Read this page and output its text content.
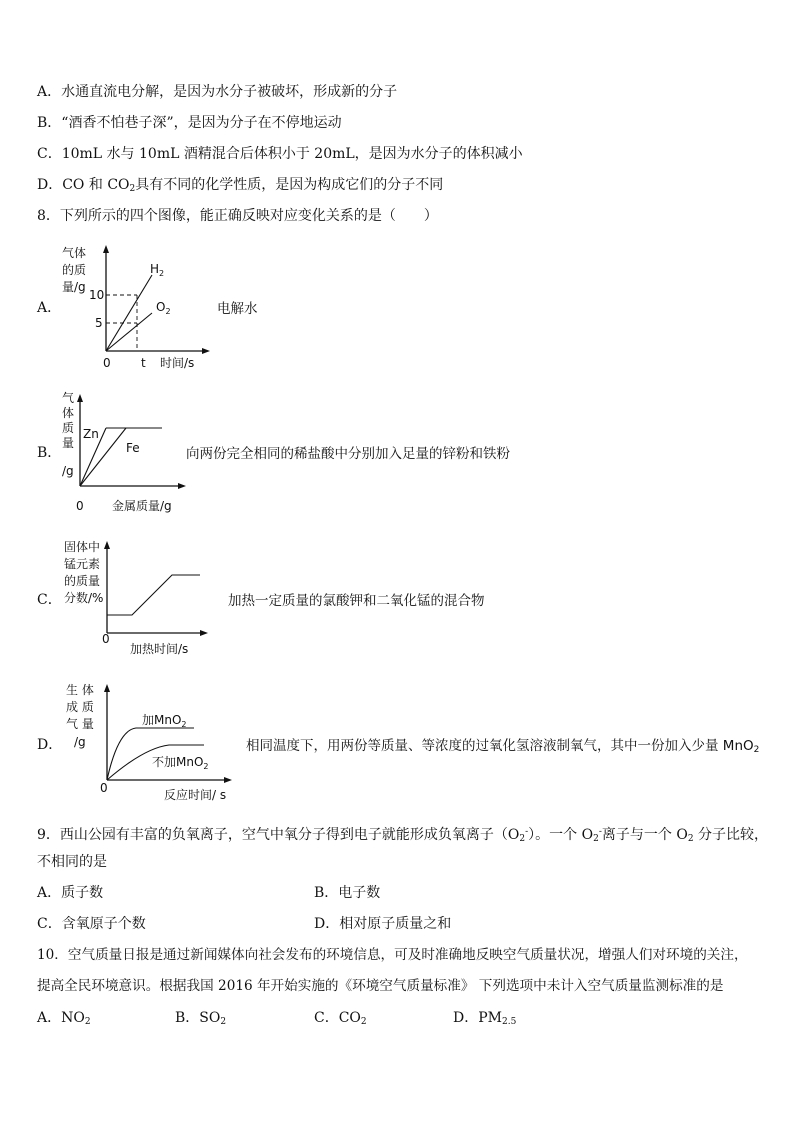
A．水通直流电分解，是因为水分子被破坏，形成新的分子
B．“酒香不怕巷子深”，是因为分子在不停地运动
C．10mL 水与 10mL 酒精混合后体积小于 20mL，是因为水分子的体积减小
D．CO 和 $CO_2$具有不同的化学性质，是因为构成它们的分子不同
8．下列所示的四个图像，能正确反映对应变化关系的是（　　）
A．
气体
的质
量/g
10
5
0	t 时间/s
$H_2$
$O_2$	电解水
B．
气
体
质
量
/g
Zn
Fe
0 金属质量/g
向两份完全相同的稀盐酸中分别加入足量的锌粉和铁粉
C．
固体中
锰元素
的质量
分数/%
0
加热时间/s
加热一定质量的氯酸钾和二氧化锰的混合物
D．
生 体
成 质
气 量
/g
加MnO$_2$
不加MnO$_2$
0	反应时间/ s
相同温度下，用两份等质量、等浓度的过氧化氢溶液制氧气，其中一份加入少量 MnO$_2$
9．西山公园有丰富的负氧离子，空气中氧分子得到电子就能形成负氧离子$(O_2^-)$。一个 $O_2^-$离子与一个 $O_2$ 分子比较，
不相同的是
A．质子数	B．电子数
C．含氧原子个数	D．相对原子质量之和
10．空气质量日报是通过新闻媒体向社会发布的环境信息，可及时准确地反映空气质量状况，增强人们对环境的关注，
提高全民环境意识。根据我国 2016 年开始实施的《环境空气质量标准》 下列选项中未计入空气质量监测标准的是
A．$NO_2$	B．$SO_2$	C．$CO_2$	D．$PM_{2.5}$
